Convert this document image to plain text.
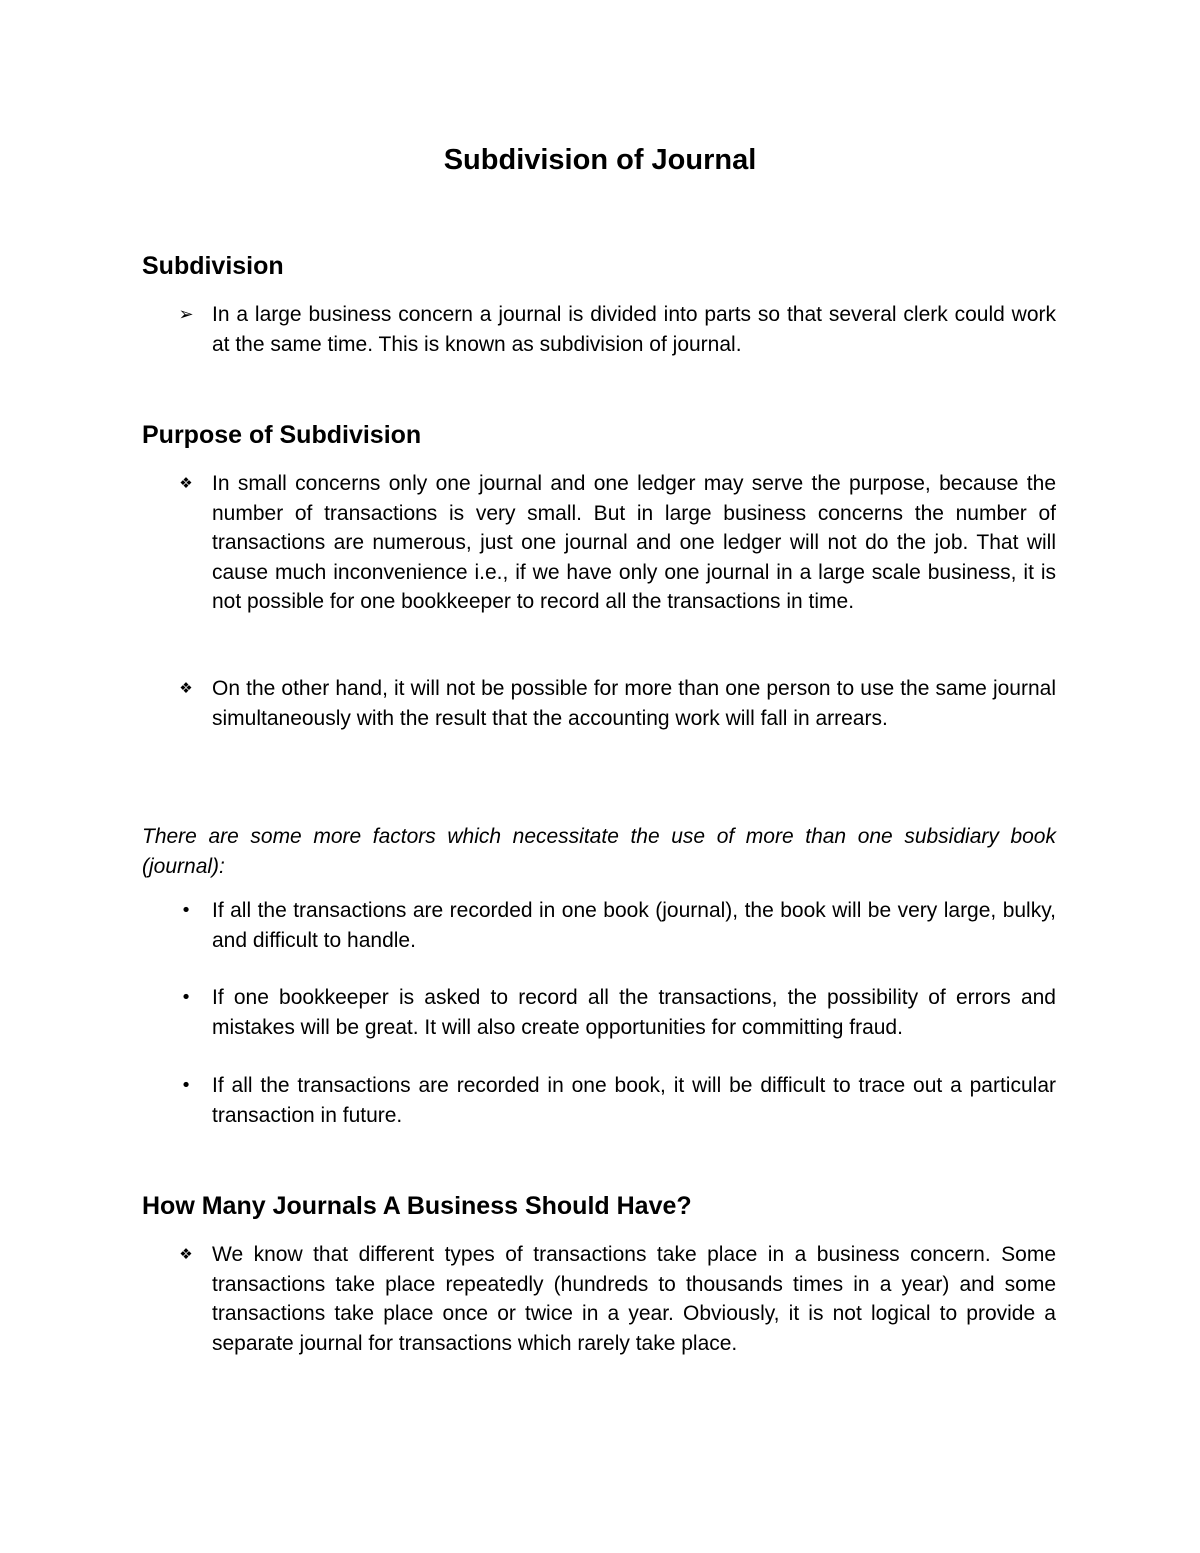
Subdivision of Journal
Subdivision
➢ In a large business concern a journal is divided into parts so that several clerk could work at the same time. This is known as subdivision of journal.

Purpose of Subdivision
❖ In small concerns only one journal and one ledger may serve the purpose, because the number of transactions is very small. But in large business concerns the number of transactions are numerous, just one journal and one ledger will not do the job. That will cause much inconvenience i.e., if we have only one journal in a large scale business, it is not possible for one bookkeeper to record all the transactions in time.

❖ On the other hand, it will not be possible for more than one person to use the same journal simultaneously with the result that the accounting work will fall in arrears.

There are some more factors which necessitate the use of more than one subsidiary book (journal):

• If all the transactions are recorded in one book (journal), the book will be very large, bulky, and difficult to handle.

• If one bookkeeper is asked to record all the transactions, the possibility of errors and mistakes will be great. It will also create opportunities for committing fraud.

• If all the transactions are recorded in one book, it will be difficult to trace out a particular transaction in future.

How Many Journals A Business Should Have?
❖ We know that different types of transactions take place in a business concern. Some transactions take place repeatedly (hundreds to thousands times in a year) and some transactions take place once or twice in a year. Obviously, it is not logical to provide a separate journal for transactions which rarely take place.
